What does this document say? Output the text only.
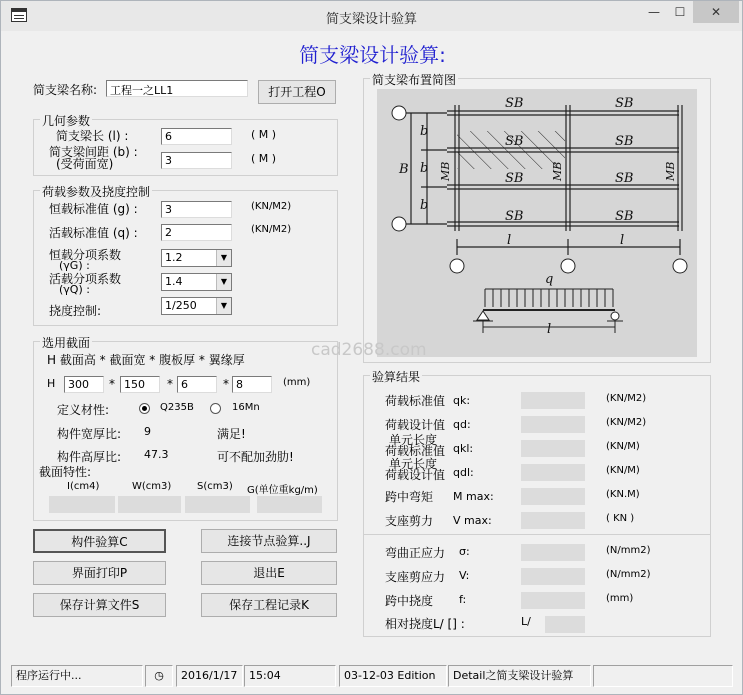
简支梁设计验算	—	☐	✕
简支梁设计验算:
简支梁名称:	工程一之LL1	打开工程O
几何参数
简支梁长 (l) :	6	( M )
简支梁间距 (b) :
(受荷面宽)	3	( M )
荷载参数及挠度控制
恒载标准值 (g) :	3	(KN/M2)
活载标准值 (q) :	2	(KN/M2)
恒载分项系数
(γG) :
1.2	▼
活载分项系数
(γQ) :
1.4	▼
挠度控制:	1/250	▼
选用截面
H 截面高 * 截面宽 * 腹板厚 * 翼缘厚
H	300	* 150	* 6	* 8	(mm)
定义材性:	Q235B	16Mn
构件宽厚比: 9	满足!
构件高厚比: 47.3	可不配加劲肋!
截面特性:
I(cm4)	W(cm3)	S(cm3) G(单位重kg/m)
构件验算C	连接节点验算..J
界面打印P	退出E
保存计算文件S	保存工程记录K
简支梁布置简图
SB	SB
SB	SB
SB	SB
SB	SB
B
b
b
b
l	l
q
l
MB	MB	MB
cad2688.com
验算结果
荷载标准值 qk:	(KN/M2)
荷载设计值 qd:	(KN/M2)
单元长度
荷载标准值 qkl:	(KN/M)
单元长度
荷载设计值 qdl:	(KN/M)
跨中弯矩 M max:	(KN.M)
支座剪力 V max:	( KN )
弯曲正应力 σ:	(N/mm2)
支座剪应力 V:	(N/mm2)
跨中挠度 f:	(mm)
相对挠度L/ [] :	L/
程序运行中...	◷	2016/1/17	15:04	03-12-03 Edition	Detail之简支梁设计验算
